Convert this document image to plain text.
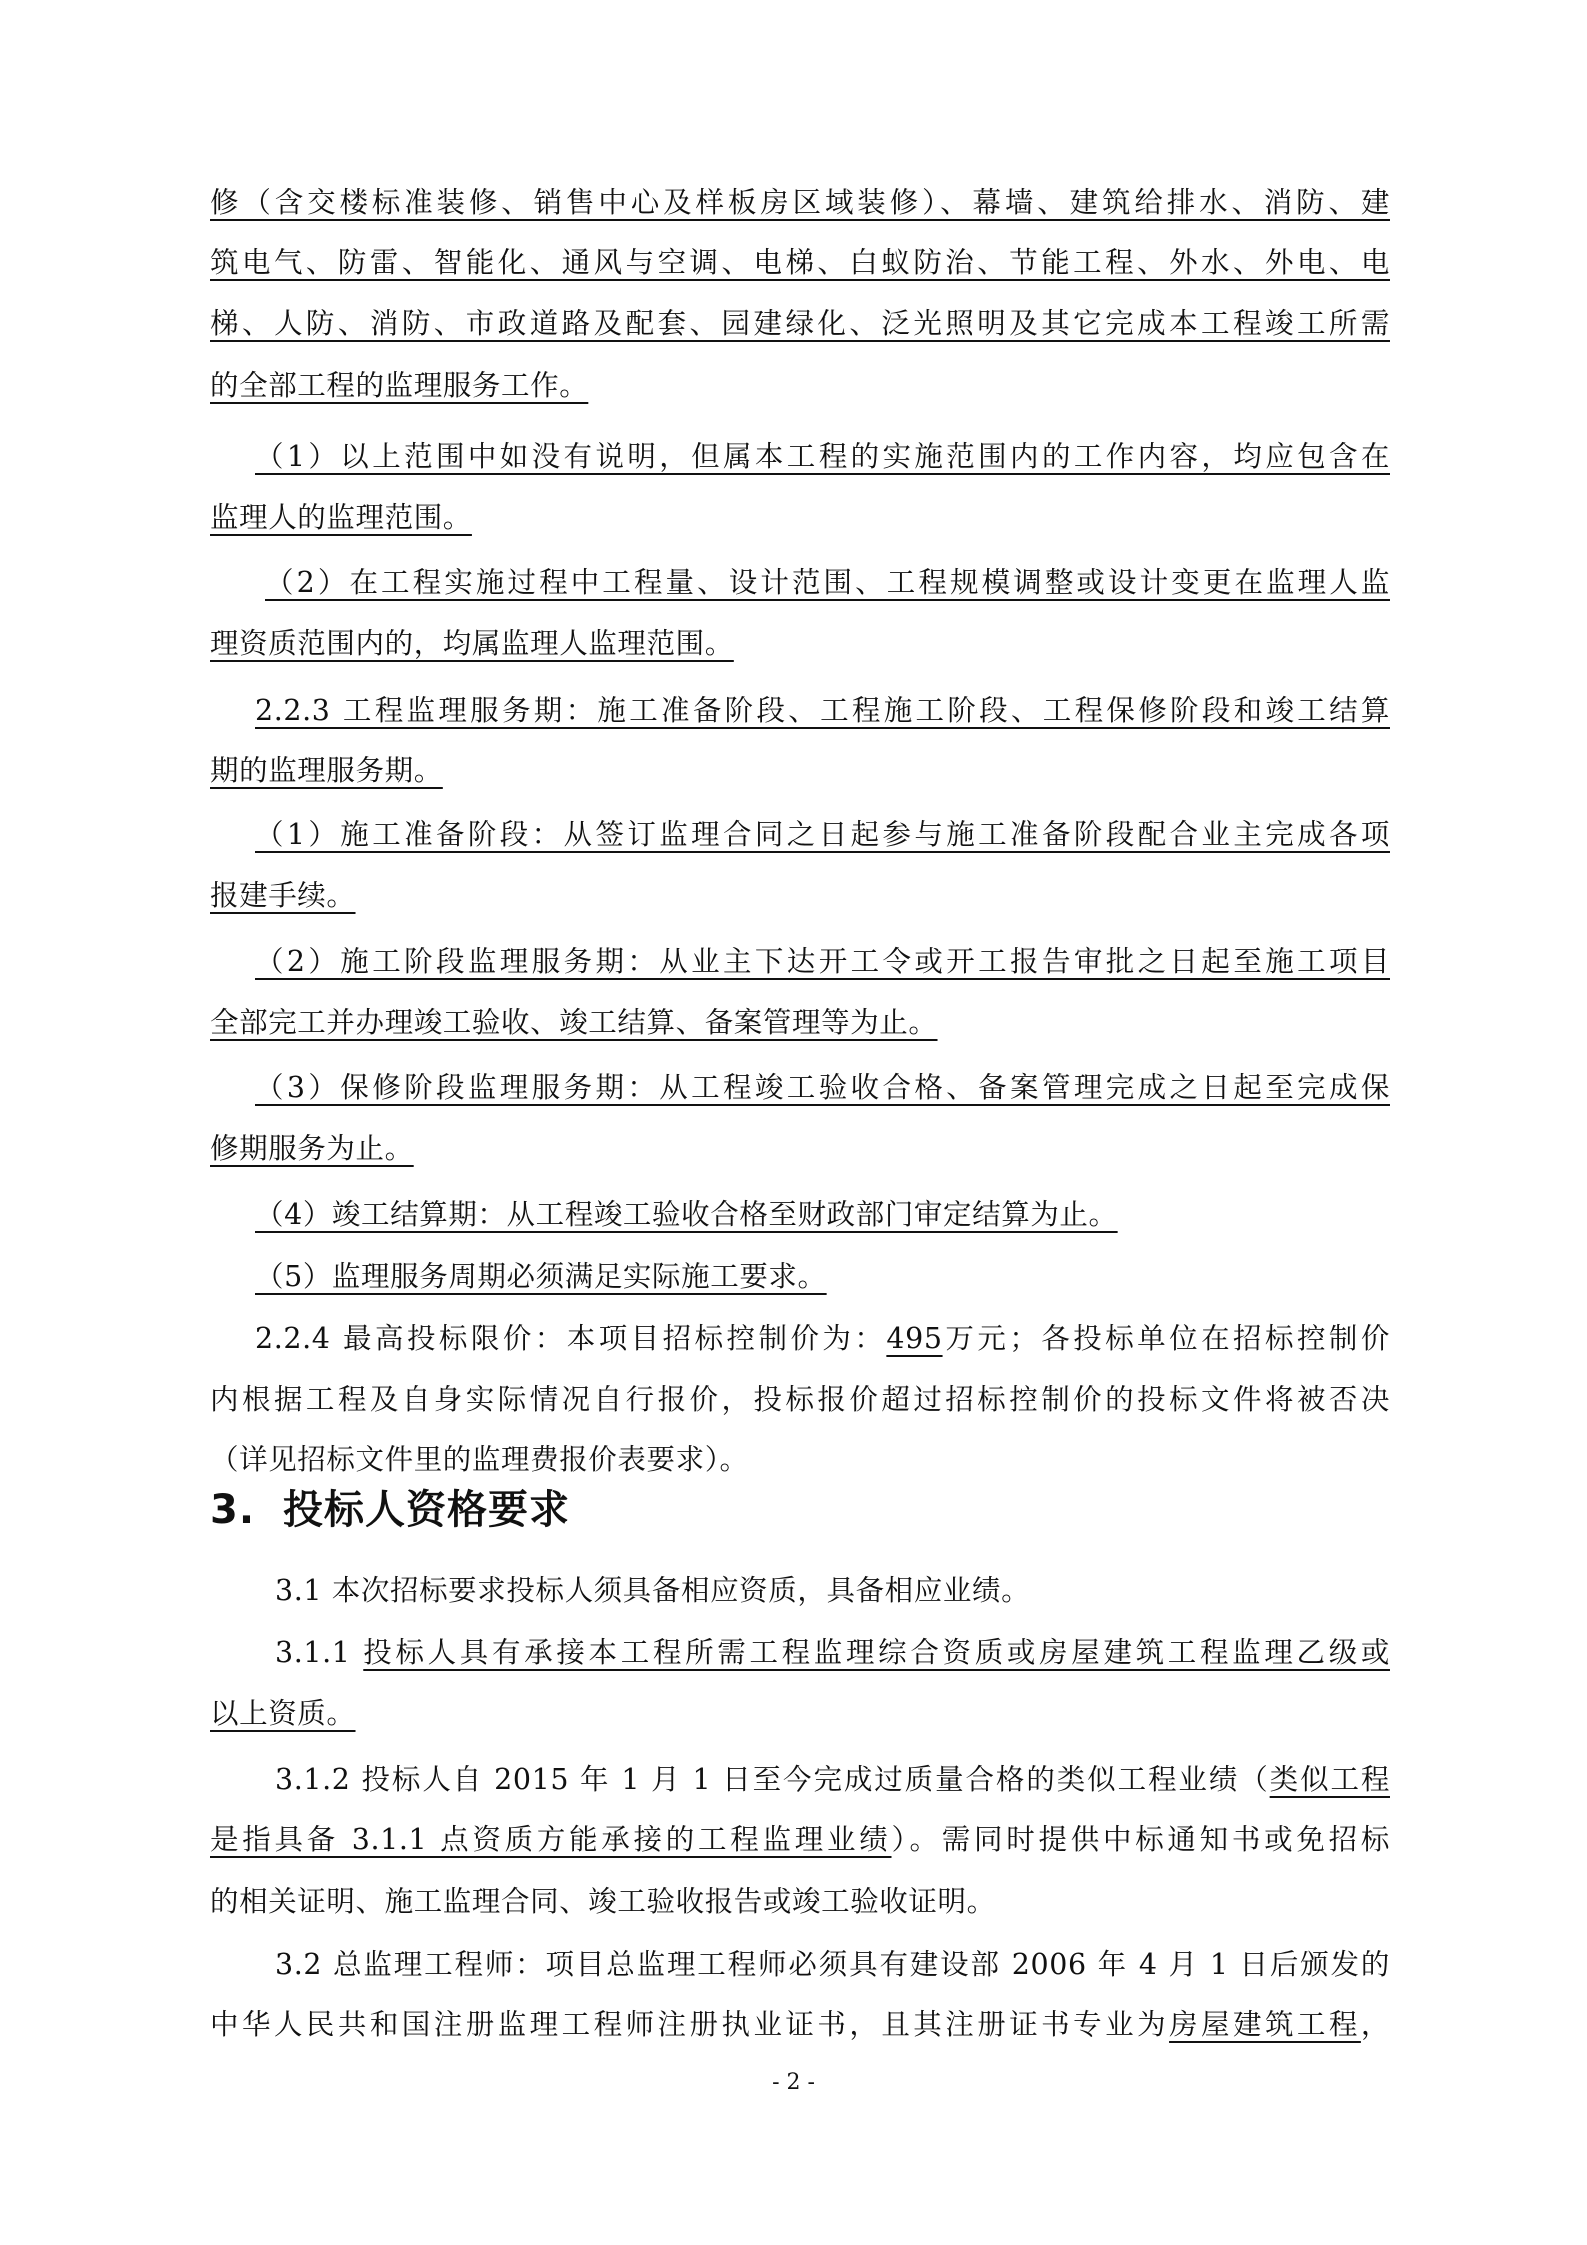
修（含交楼标准装修、销售中心及样板房区域装修）、幕墙、建筑给排水、消防、建
筑电气、防雷、智能化、通风与空调、电梯、白蚁防治、节能工程、外水、外电、电
梯、人防、消防、市政道路及配套、园建绿化、泛光照明及其它完成本工程竣工所需
的全部工程的监理服务工作。
（1）以上范围中如没有说明，但属本工程的实施范围内的工作内容，均应包含在
监理人的监理范围。
（2）在工程实施过程中工程量、设计范围、工程规模调整或设计变更在监理人监
理资质范围内的，均属监理人监理范围。
2.2.3 工程监理服务期：施工准备阶段、工程施工阶段、工程保修阶段和竣工结算
期的监理服务期。
（1）施工准备阶段：从签订监理合同之日起参与施工准备阶段配合业主完成各项
报建手续。
（2）施工阶段监理服务期：从业主下达开工令或开工报告审批之日起至施工项目
全部完工并办理竣工验收、竣工结算、备案管理等为止。
（3）保修阶段监理服务期：从工程竣工验收合格、备案管理完成之日起至完成保
修期服务为止。
（4）竣工结算期：从工程竣工验收合格至财政部门审定结算为止。
（5）监理服务周期必须满足实际施工要求。
2.2.4 最高投标限价：本项目招标控制价为：495万元；各投标单位在招标控制价
内根据工程及自身实际情况自行报价，投标报价超过招标控制价的投标文件将被否决
（详见招标文件里的监理费报价表要求）。
3. 投标人资格要求
3.1 本次招标要求投标人须具备相应资质，具备相应业绩。
3.1.1 投标人具有承接本工程所需工程监理综合资质或房屋建筑工程监理乙级或
以上资质。
3.1.2 投标人自 2015 年 1 月 1 日至今完成过质量合格的类似工程业绩（类似工程
是指具备 3.1.1 点资质方能承接的工程监理业绩）。需同时提供中标通知书或免招标
的相关证明、施工监理合同、竣工验收报告或竣工验收证明。
3.2 总监理工程师：项目总监理工程师必须具有建设部 2006 年 4 月 1 日后颁发的
中华人民共和国注册监理工程师注册执业证书，且其注册证书专业为房屋建筑工程，
- 2 -
